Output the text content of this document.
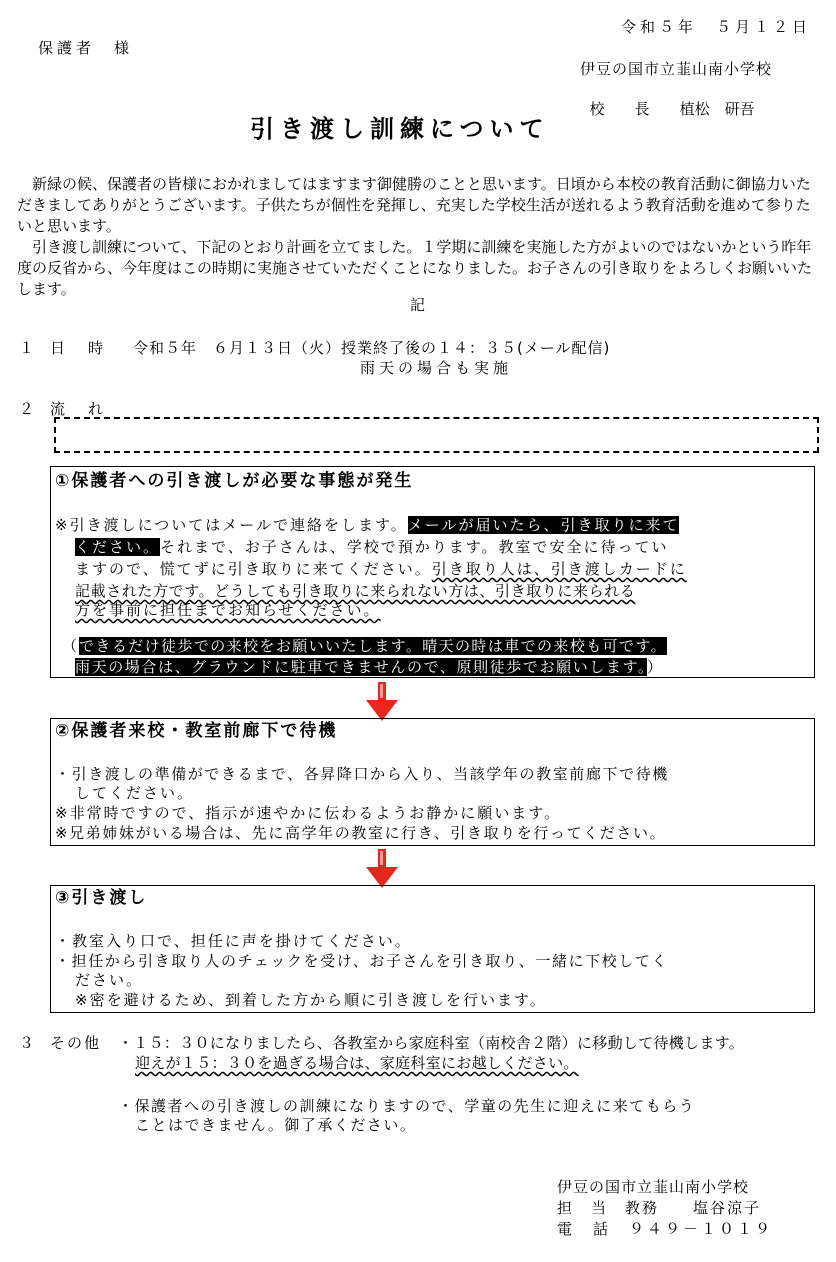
令和５年　５月１２日
保護者　様
伊豆の国市立韮山南小学校

校　　長 植松　研吾

引き渡し訓練について
新緑の候、保護者の皆様におかれましてはますます御健勝のことと思います。日頃から本校の教育活動に御協力いただきましてありがとうございます。子供たちが個性を発揮し、充実した学校生活が送れるよう教育活動を進めて参りたいと思います。
引き渡し訓練について、下記のとおり計画を立てました。１学期に訓練を実施した方がよいのではないかという昨年度の反省から、今年度はこの時期に実施させていただくことになりました。お子さんの引き取りをよろしくお願いいたします。
記
１ 日　時 令和５年　６月１３日（火）授業終了後の１４：３５(メール配信)
雨天の場合も実施
２ 流　れ

①保護者への引き渡しが必要な事態が発生
※引き渡しについてはメールで連絡をします。メールが届いたら、引き取りに来て
ください。それまで、お子さんは、学校で預かります。教室で安全に待ってい
ますので、慌てずに引き取りに来てください。引き取り人は、引き渡しカードに
記載された方です。どうしても引き取りに来られない方は、引き取りに来られる
方を事前に担任までお知らせください。
（できるだけ徒歩での来校をお願いいたします。晴天の時は車での来校も可です。
雨天の場合は、グラウンドに駐車できませんので、原則徒歩でお願いします。）
②保護者来校・教室前廊下で待機
・引き渡しの準備ができるまで、各昇降口から入り、当該学年の教室前廊下で待機
してください。
※非常時ですので、指示が速やかに伝わるようお静かに願います。
※兄弟姉妹がいる場合は、先に高学年の教室に行き、引き取りを行ってください。
③引き渡し
・教室入り口で、担任に声を掛けてください。
・担任から引き取り人のチェックを受け、お子さんを引き取り、一緒に下校してく
ださい。
※密を避けるため、到着した方から順に引き渡しを行います。
３ その他 ・１５：３０になりましたら、各教室から家庭科室（南校舎２階）に移動して待機します。
迎えが１５：３０を過ぎる場合は、家庭科室にお越しください。
・保護者への引き渡しの訓練になりますので、学童の先生に迎えに来てもらう
ことはできません。御了承ください。
伊豆の国市立韮山南小学校
担　当　教務　　塩谷涼子
電　話　９４９－１０１９
